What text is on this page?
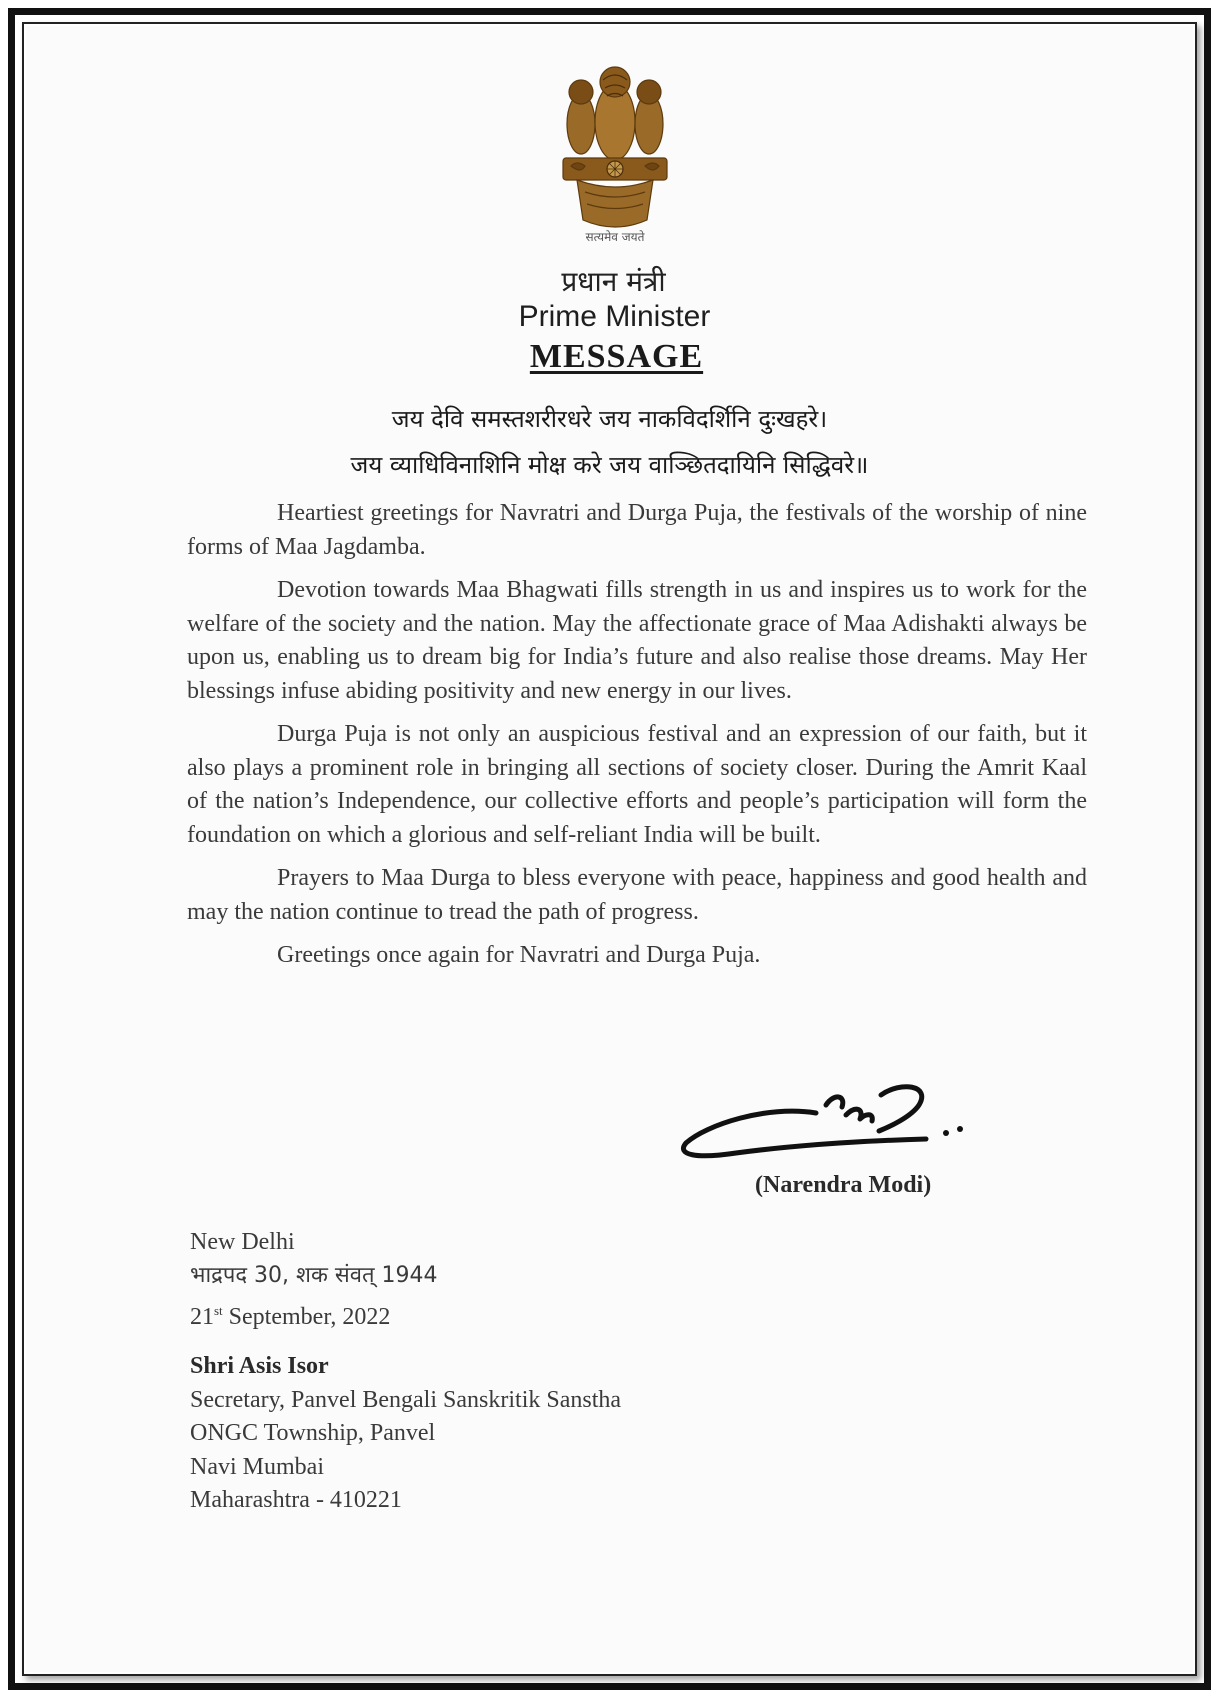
सत्यमेव जयते
प्रधान मंत्री
Prime Minister
MESSAGE
जय देवि समस्तशरीरधरे जय नाकविदर्शिनि दुःखहरे।
जय व्याधिविनाशिनि मोक्ष करे जय वाञ्छितदायिनि सिद्धिवरे॥

Heartiest greetings for Navratri and Durga Puja, the festivals of the worship of nine forms of Maa Jagdamba.

Devotion towards Maa Bhagwati fills strength in us and inspires us to work for the welfare of the society and the nation. May the affectionate grace of Maa Adishakti always be upon us, enabling us to dream big for India’s future and also realise those dreams. May Her blessings infuse abiding positivity and new energy in our lives.

Durga Puja is not only an auspicious festival and an expression of our faith, but it also plays a prominent role in bringing all sections of society closer. During the Amrit Kaal of the nation’s Independence, our collective efforts and people’s participation will form the foundation on which a glorious and self-reliant India will be built.

Prayers to Maa Durga to bless everyone with peace, happiness and good health and may the nation continue to tread the path of progress.

Greetings once again for Navratri and Durga Puja.

(Narendra Modi)
New Delhi
भाद्रपद 30, शक संवत् 1944
21st September, 2022
Shri Asis Isor
Secretary, Panvel Bengali Sanskritik Sanstha
ONGC Township, Panvel
Navi Mumbai
Maharashtra - 410221
